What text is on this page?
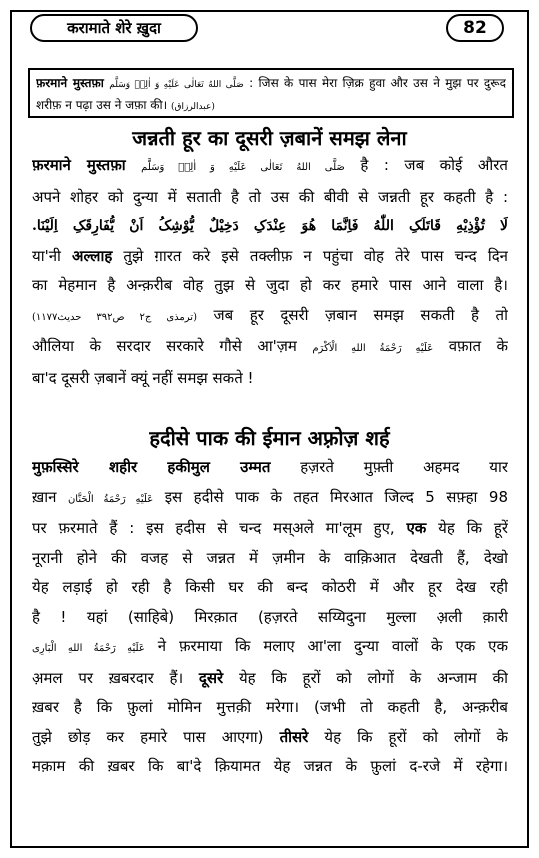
करामाते शेरे ख़ुदा	82
फ़रमाने मुस्तफ़ा صَلَّی اللهُ تَعَالٰی عَلَیْهِ وَ اٰلِهٖ وَسَلَّم : जिस के पास मेरा ज़िक्र हुवा और उस ने मुझ पर दुरूद
शरीफ़ न पढ़ा उस ने जफ़ा की। (عبدالرزاق)
जन्नती हूर का दूसरी ज़बानें समझ लेना
फ़रमाने मुस्तफ़ा صَلَّی اللهُ تَعَالٰی عَلَیْهِ وَ اٰلِهٖ وَسَلَّم है : जब कोई औरत
अपने शोहर को दुन्या में सताती है तो उस की बीवी से जन्नती हूर कहती है :
لَا تُؤْذِیْهِ قَاتَلَکِ اللّٰهُ فَاِنَّمَا هُوَ عِنْدَکِ دَخِیْلٌ یُّوْشِکُ اَنْ یُّفَارِقَکِ اِلَیْنَا.
या'नी अल्लाह तुझे ग़ारत करे इसे तक्लीफ़ न पहुंचा वोह तेरे पास चन्द दिन
का मेहमान है अन्क़रीब वोह तुझ से जुदा हो कर हमारे पास आने वाला है।
(ترمذی ج۲ ص۳۹۲ حدیث۱۱۷۷) जब हूर दूसरी ज़बान समझ सकती है तो
औलिया के सरदार सरकारे गौसे आ'ज़म عَلَیْهِ رَحْمَةُ اللهِ الْاَکْرَم वफ़ात के
बा'द दूसरी ज़बानें क्यूं नहीं समझ सकते !
हदीसे पाक की ईमान अफ़्रोज़ शर्ह
मुफ़स्सिरे शहीर हकीमुल उम्मत हज़रते मुफ़्ती अहमद यार
ख़ान عَلَیْهِ رَحْمَةُ الْحَنَّان इस हदीसे पाक के तहत मिरआत जिल्द 5 सफ़्हा 98
पर फ़रमाते हैं : इस हदीस से चन्द मस्अले मा'लूम हुए, एक येह कि हूरें
नूरानी होने की वजह से जन्नत में ज़मीन के वाक़िआत देखती हैं, देखो
येह लड़ाई हो रही है किसी घर की बन्द कोठरी में और हूर देख रही
है ! यहां (साहिबे) मिरक़ात (हज़रते सय्यिदुना मुल्ला अ़ली क़ारी
عَلَیْهِ رَحْمَةُ اللهِ الْبَارِی ने फ़रमाया कि मलाए आ'ला दुन्या वालों के एक एक
अ़मल पर ख़बरदार हैं। दूसरे येह कि हूरों को लोगों के अन्जाम की
ख़बर है कि फ़ुलां मोमिन मुत्तक़ी मरेगा। (जभी तो कहती है, अन्क़रीब
तुझे छोड़ कर हमारे पास आएगा) तीसरे येह कि हूरों को लोगों के
मक़ाम की ख़बर कि बा'दे क़ियामत येह जन्नत के फ़ुलां द-रजे में रहेगा।
